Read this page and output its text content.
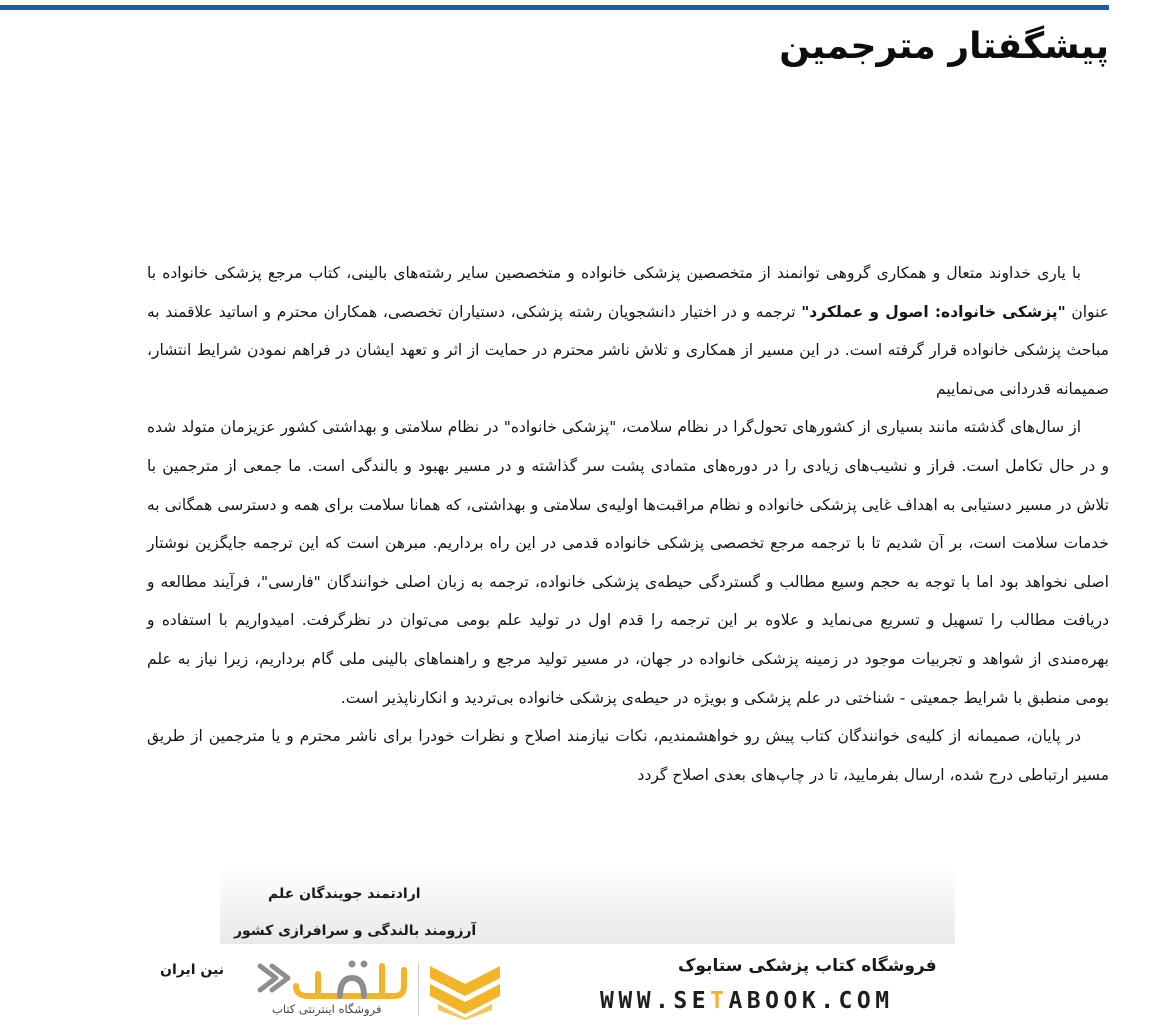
پیشگفتار مترجمین

با یاری خداوند متعال و همکاری گروهی توانمند از متخصصین پزشکی خانواده و متخصصین سایر رشته‌های بالینی، کتاب مرجع پزشکی خانواده با عنوان "پزشکی خانواده: اصول و عملکرد" ترجمه و در اختیار دانشجویان رشته پزشکی، دستیاران تخصصی، همکاران محترم و اساتید علاقمند به مباحث پزشکی خانواده قرار گرفته است. در این مسیر از همکاری و تلاش ناشر محترم در حمایت از اثر و تعهد ایشان در فراهم نمودن شرایط انتشار، صمیمانه قدردانی می‌نماییم

از سال‌های گذشته مانند بسیاری از کشورهای تحول‌گرا در نظام سلامت، "پزشکی خانواده" در نظام سلامتی و بهداشتی کشور عزیزمان متولد شده و در حال تکامل است. فراز و نشیب‌های زیادی را در دوره‌های متمادی پشت سر گذاشته و در مسیر بهبود و بالندگی است. ما جمعی از مترجمین با تلاش در مسیر دستیابی به اهداف غایی پزشکی خانواده و نظام مراقبت‌ها اولیه‌ی سلامتی و بهداشتی، که همانا سلامت برای همه و دسترسی همگانی به خدمات سلامت است، بر آن شدیم تا با ترجمه مرجع تخصصی پزشکی خانواده قدمی در این راه برداریم. مبرهن است که این ترجمه جایگزین نوشتار اصلی نخواهد بود اما با توجه به حجم وسیع مطالب و گستردگی حیطه‌ی پزشکی خانواده، ترجمه به زبان اصلی خوانندگان "فارسی"، فرآیند مطالعه و دریافت مطالب را تسهیل و تسریع می‌نماید و علاوه بر این ترجمه را قدم اول در تولید علم بومی می‌توان در نظرگرفت. امیدواریم با استفاده و بهره‌مندی از شواهد و تجربیات موجود در زمینه پزشکی خانواده در جهان، در مسیر تولید مرجع و راهنماهای بالینی ملی گام برداریم، زیرا نیاز به علم بومی منطبق با شرایط جمعیتی - شناختی در علم پزشکی و بویژه در حیطه‌ی پزشکی خانواده بی‌تردید و انکارناپذیر است.

در پایان، صمیمانه از کلیه‌ی خوانندگان کتاب پیش رو خواهشمندیم، نکات نیازمند اصلاح و نظرات خودرا برای ناشر محترم و یا مترجمین از طریق مسیر ارتباطی درج شده، ارسال بفرمایید، تا در چاپ‌های بعدی اصلاح گردد

ارادتمند جویندگان علم
آرزومند بالندگی و سرافرازی کشور
نین ایران	فروشگاه کتاب پزشکی ستابوک
WWW.SETABOOK.COM
فروشگاه اینترنتی کتاب
